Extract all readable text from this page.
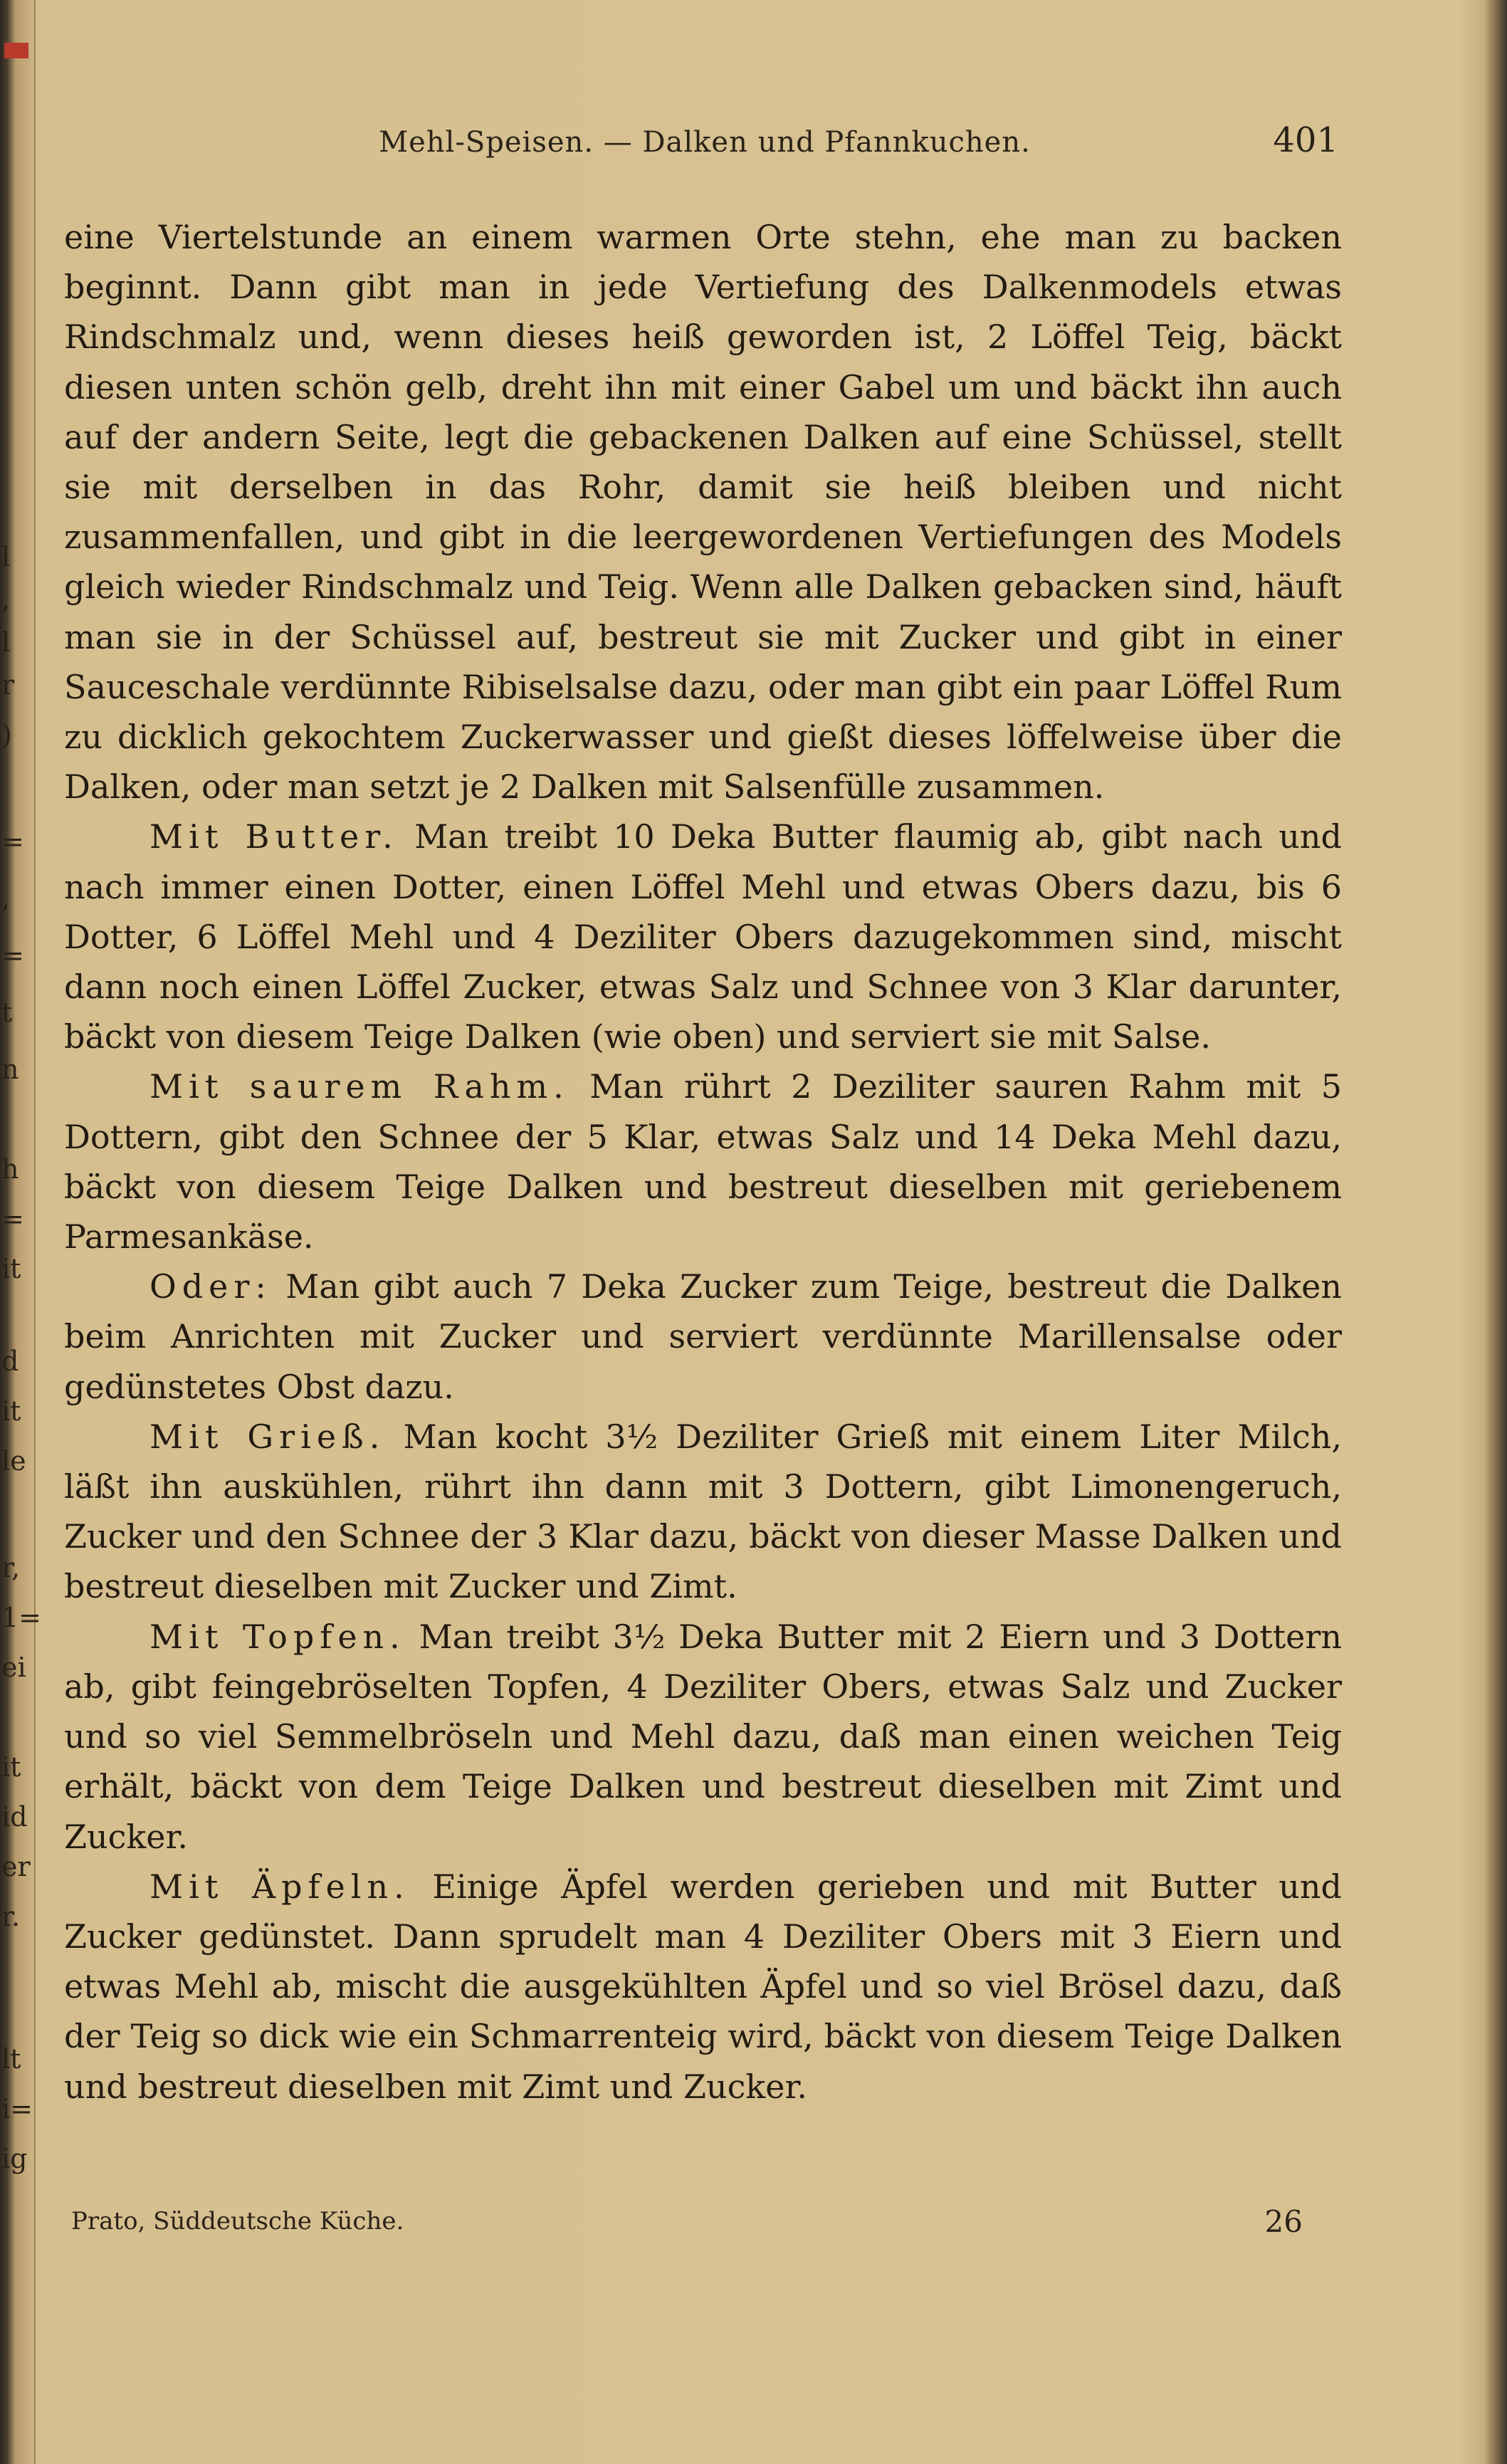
l
,
l
r
)
=
,
=
t
n
h
=
it
d
it
le
r,
1=
ei
it
id
er
r.
lt
i=
ig
Mehl-Speisen. — Dalken und Pfannkuchen.	401

eine Viertelstunde an einem warmen Orte stehn, ehe man zu backen beginnt. Dann gibt man in jede Vertiefung des Dalkenmodels etwas Rindschmalz und, wenn dieses heiß geworden ist, 2 Löffel Teig, bäckt diesen unten schön gelb, dreht ihn mit einer Gabel um und bäckt ihn auch auf der andern Seite, legt die gebackenen Dalken auf eine Schüssel, stellt sie mit derselben in das Rohr, damit sie heiß bleiben und nicht zusammenfallen, und gibt in die leergewordenen Vertiefungen des Models gleich wieder Rindschmalz und Teig. Wenn alle Dalken gebacken sind, häuft man sie in der Schüssel auf, bestreut sie mit Zucker und gibt in einer Sauceschale verdünnte Ribiselsalse dazu, oder man gibt ein paar Löffel Rum zu dicklich gekochtem Zuckerwasser und gießt dieses löffelweise über die Dalken, oder man setzt je 2 Dalken mit Salsenfülle zusammen.

Mit Butter. Man treibt 10 Deka Butter flaumig ab, gibt nach und nach immer einen Dotter, einen Löffel Mehl und etwas Obers dazu, bis 6 Dotter, 6 Löffel Mehl und 4 Deziliter Obers dazugekommen sind, mischt dann noch einen Löffel Zucker, etwas Salz und Schnee von 3 Klar darunter, bäckt von diesem Teige Dalken (wie oben) und serviert sie mit Salse.

Mit saurem Rahm. Man rührt 2 Deziliter sauren Rahm mit 5 Dottern, gibt den Schnee der 5 Klar, etwas Salz und 14 Deka Mehl dazu, bäckt von diesem Teige Dalken und bestreut dieselben mit geriebenem Parmesankäse.

Oder: Man gibt auch 7 Deka Zucker zum Teige, bestreut die Dalken beim Anrichten mit Zucker und serviert verdünnte Marillensalse oder gedünstetes Obst dazu.

Mit Grieß. Man kocht 3½ Deziliter Grieß mit einem Liter Milch, läßt ihn auskühlen, rührt ihn dann mit 3 Dottern, gibt Limonengeruch, Zucker und den Schnee der 3 Klar dazu, bäckt von dieser Masse Dalken und bestreut dieselben mit Zucker und Zimt.

Mit Topfen. Man treibt 3½ Deka Butter mit 2 Eiern und 3 Dottern ab, gibt feingebröselten Topfen, 4 Deziliter Obers, etwas Salz und Zucker und so viel Semmelbröseln und Mehl dazu, daß man einen weichen Teig erhält, bäckt von dem Teige Dalken und bestreut dieselben mit Zimt und Zucker.

Mit Äpfeln. Einige Äpfel werden gerieben und mit Butter und Zucker gedünstet. Dann sprudelt man 4 Deziliter Obers mit 3 Eiern und etwas Mehl ab, mischt die ausgekühlten Äpfel und so viel Brösel dazu, daß der Teig so dick wie ein Schmarrenteig wird, bäckt von diesem Teige Dalken und bestreut dieselben mit Zimt und Zucker.

Prato, Süddeutsche Küche.	26
